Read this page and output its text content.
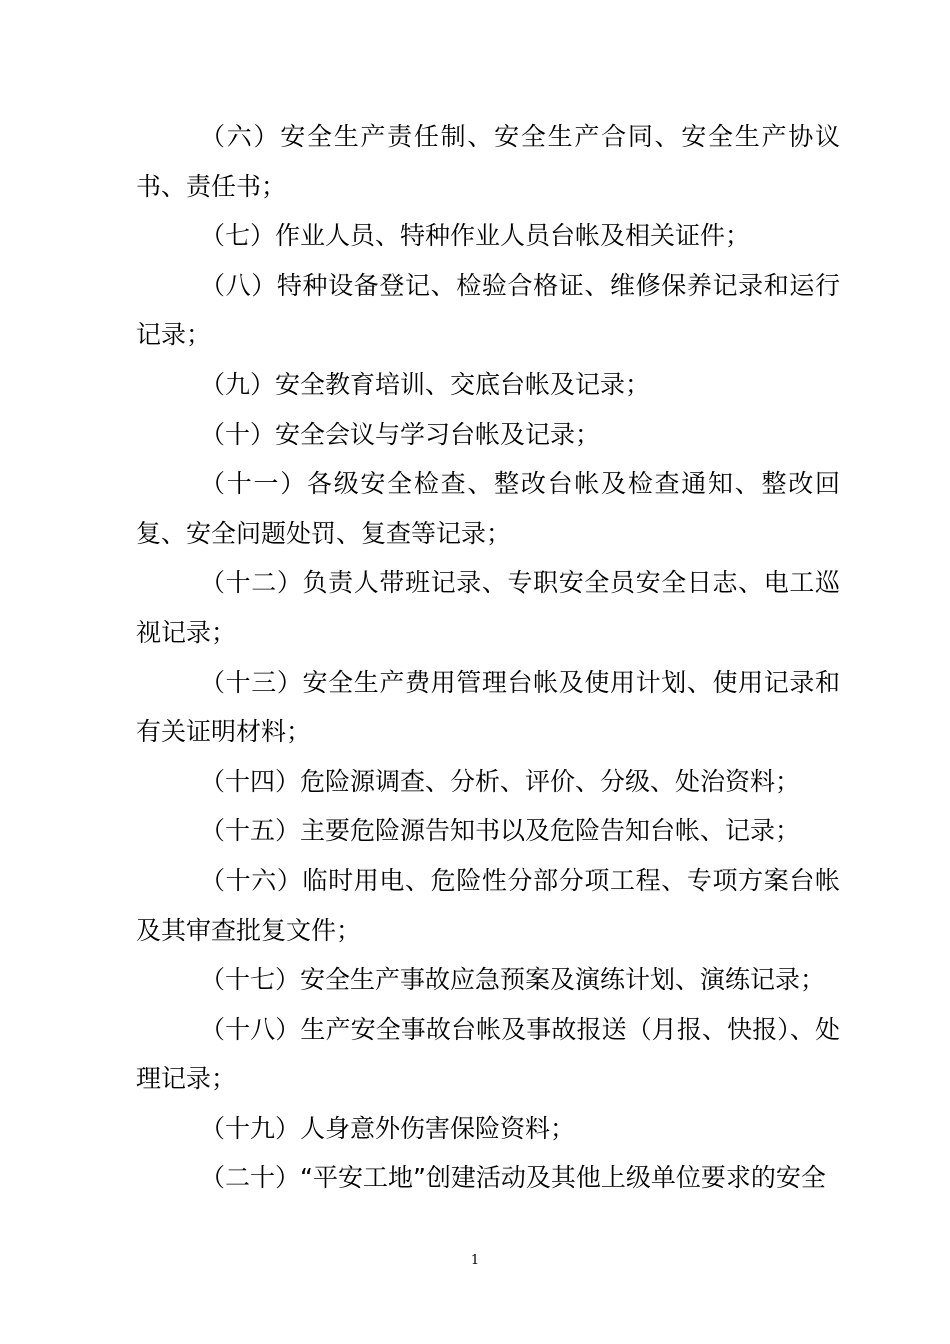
（六）安全生产责任制、安全生产合同、安全生产协议书、责任书；

（七）作业人员、特种作业人员台帐及相关证件；

（八）特种设备登记、检验合格证、维修保养记录和运行记录；

（九）安全教育培训、交底台帐及记录；

（十）安全会议与学习台帐及记录；

（十一）各级安全检查、整改台帐及检查通知、整改回复、安全问题处罚、复查等记录；

（十二）负责人带班记录、专职安全员安全日志、电工巡视记录；

（十三）安全生产费用管理台帐及使用计划、使用记录和有关证明材料；

（十四）危险源调查、分析、评价、分级、处治资料；

（十五）主要危险源告知书以及危险告知台帐、记录；

（十六）临时用电、危险性分部分项工程、专项方案台帐及其审查批复文件；

（十七）安全生产事故应急预案及演练计划、演练记录；

（十八）生产安全事故台帐及事故报送（月报、快报）、处理记录；

（十九）人身意外伤害保险资料；

（二十）“平安工地”创建活动及其他上级单位要求的安全

1
